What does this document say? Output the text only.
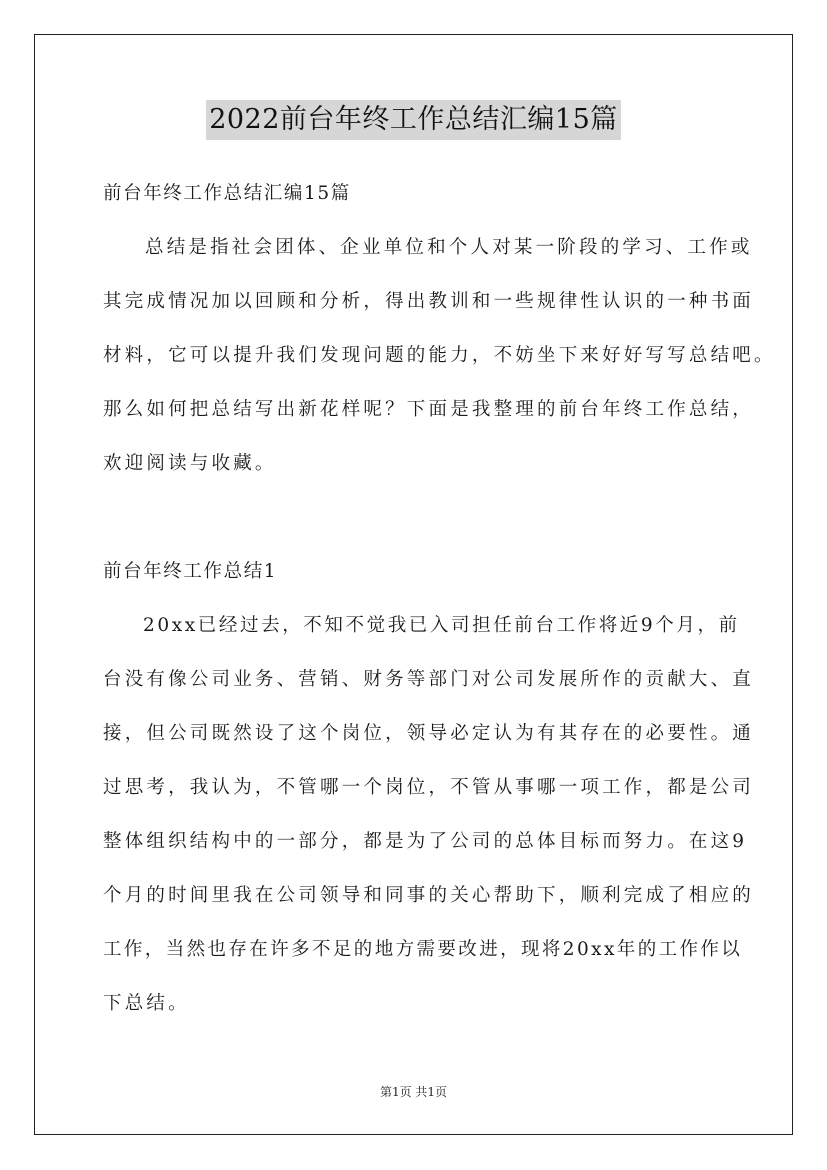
2022前台年终工作总结汇编15篇
前台年终工作总结汇编15篇
总结是指社会团体、企业单位和个人对某一阶段的学习、工作或
其完成情况加以回顾和分析，得出教训和一些规律性认识的一种书面
材料，它可以提升我们发现问题的能力，不妨坐下来好好写写总结吧。
那么如何把总结写出新花样呢？下面是我整理的前台年终工作总结，
欢迎阅读与收藏。
前台年终工作总结1
20xx已经过去，不知不觉我已入司担任前台工作将近9个月，前
台没有像公司业务、营销、财务等部门对公司发展所作的贡献大、直
接，但公司既然设了这个岗位，领导必定认为有其存在的必要性。通
过思考，我认为，不管哪一个岗位，不管从事哪一项工作，都是公司
整体组织结构中的一部分，都是为了公司的总体目标而努力。在这9
个月的时间里我在公司领导和同事的关心帮助下，顺利完成了相应的
工作，当然也存在许多不足的地方需要改进，现将20xx年的工作作以
下总结。
第1页 共1页
